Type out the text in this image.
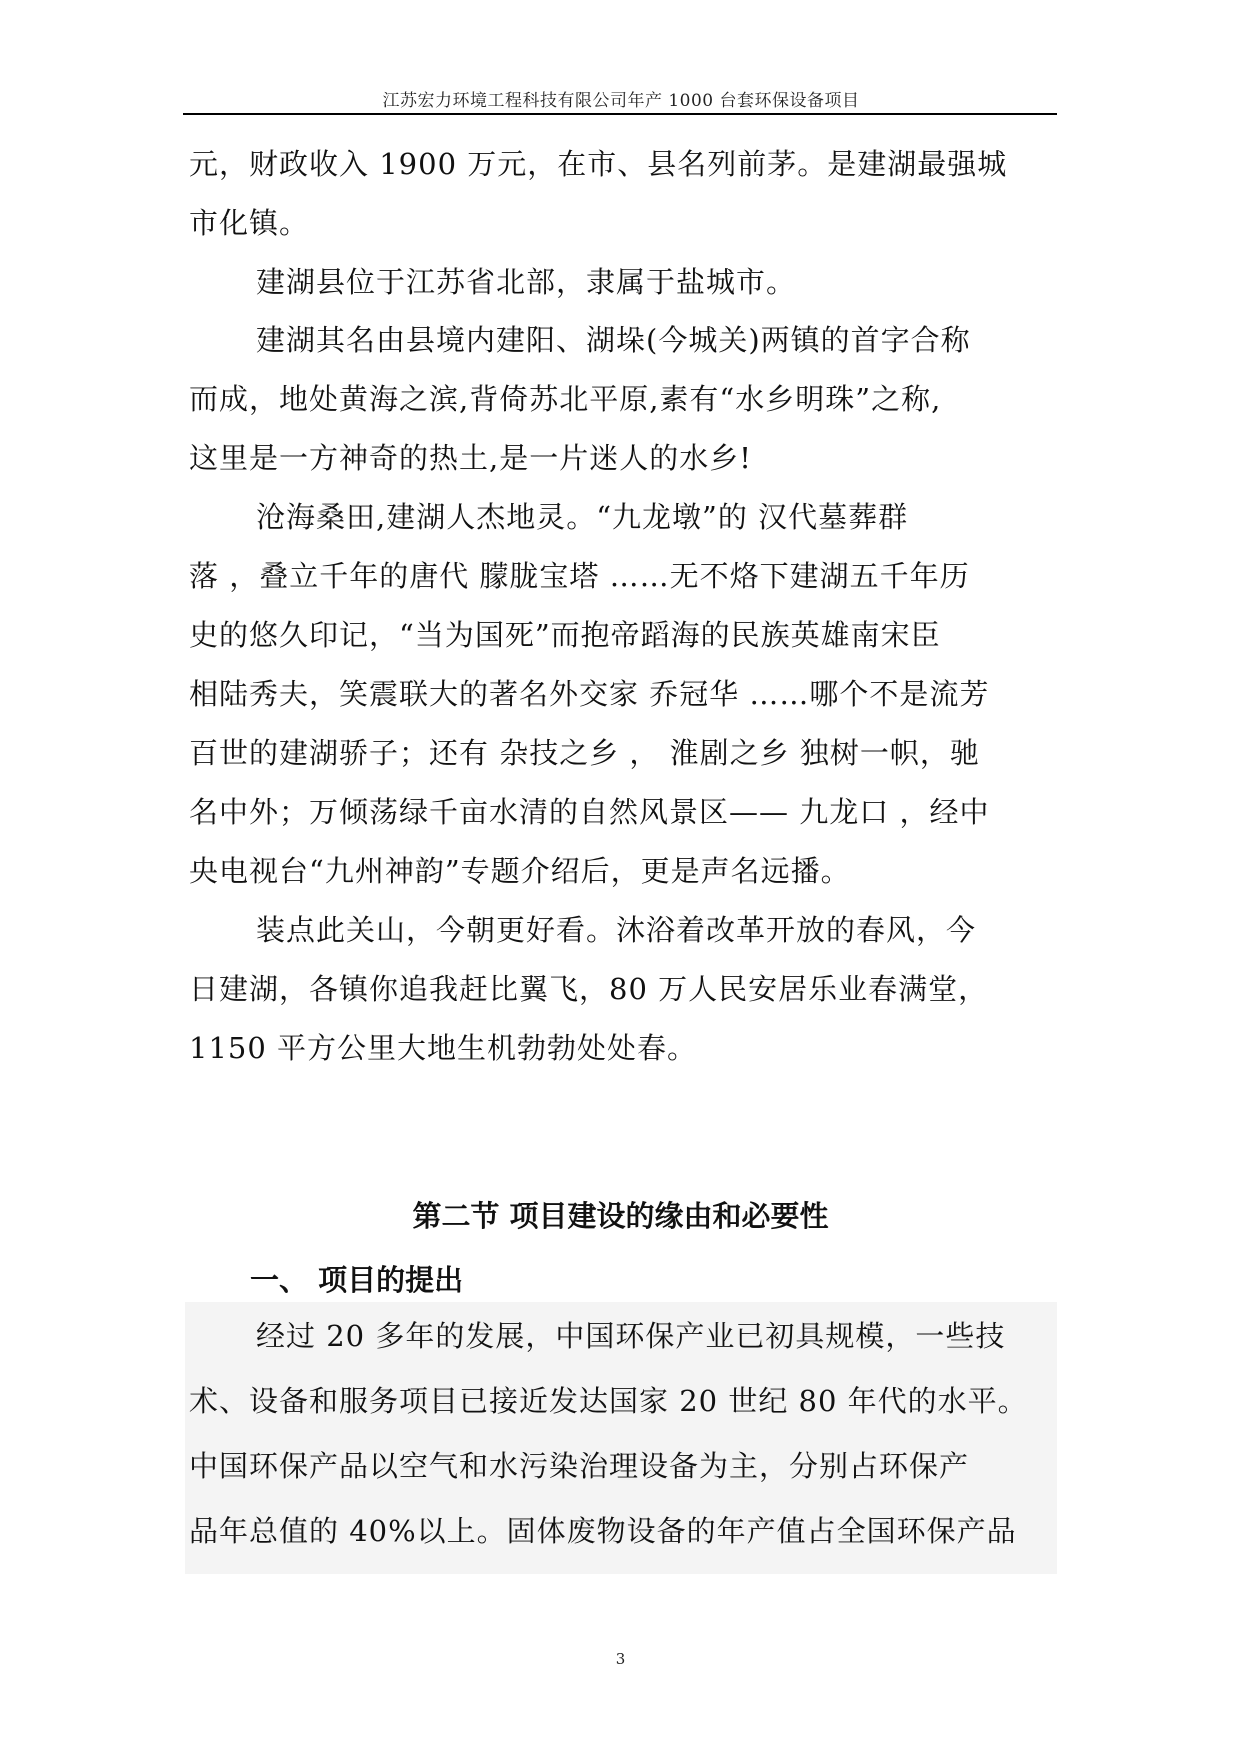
江苏宏力环境工程科技有限公司年产 1000 台套环保设备项目
元，财政收入 1900 万元，在市、县名列前茅。是建湖最强城
市化镇。
建湖县位于江苏省北部，隶属于盐城市。
建湖其名由县境内建阳、湖垛(今城关)两镇的首字合称
而成，地处黄海之滨,背倚苏北平原,素有“水乡明珠”之称,
这里是一方神奇的热土,是一片迷人的水乡!
沧海桑田,建湖人杰地灵。“九龙墩”的 汉代墓葬群
落 ，叠立千年的唐代 朦胧宝塔 ……无不烙下建湖五千年历
史的悠久印记，“当为国死”而抱帝蹈海的民族英雄南宋臣
相陆秀夫，笑震联大的著名外交家 乔冠华 ……哪个不是流芳
百世的建湖骄子；还有 杂技之乡 ， 淮剧之乡 独树一帜，驰
名中外；万倾荡绿千亩水清的自然风景区—— 九龙口 ，经中
央电视台“九州神韵”专题介绍后，更是声名远播。
装点此关山，今朝更好看。沐浴着改革开放的春风，今
日建湖，各镇你追我赶比翼飞，80 万人民安居乐业春满堂，
1150 平方公里大地生机勃勃处处春。
第二节 项目建设的缘由和必要性
一、 项目的提出
经过 20 多年的发展，中国环保产业已初具规模，一些技
术、设备和服务项目已接近发达国家 20 世纪 80 年代的水平。
中国环保产品以空气和水污染治理设备为主，分别占环保产
品年总值的 40%以上。固体废物设备的年产值占全国环保产品
3
